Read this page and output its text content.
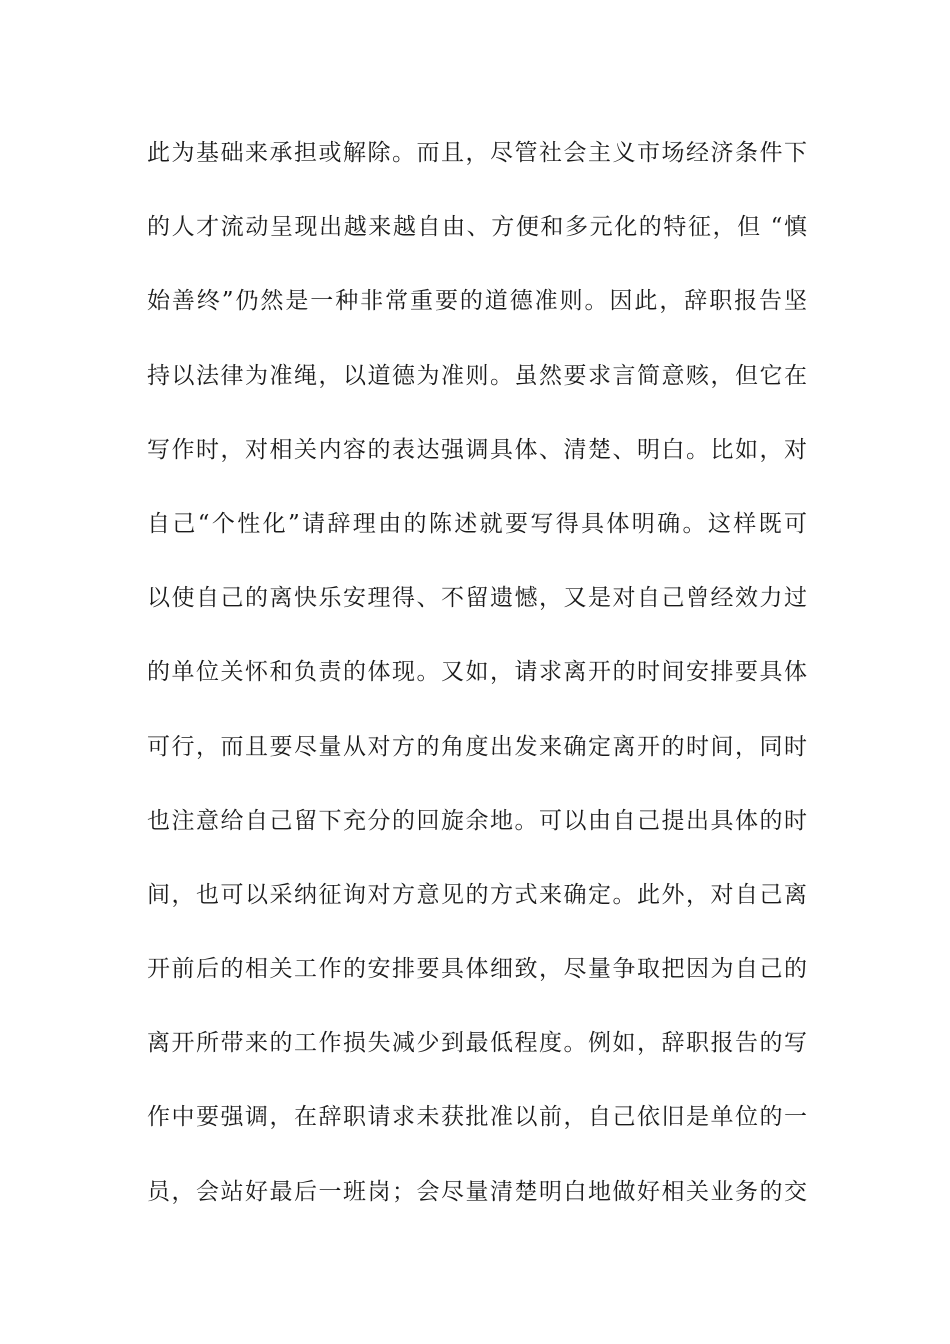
此为基础来承担或解除。而且，尽管社会主义市场经济条件下
的人才流动呈现出越来越自由、方便和多元化的特征，但 “慎
始善终”仍然是一种非常重要的道德准则。因此，辞职报告坚
持以法律为准绳，以道德为准则。虽然要求言简意赅，但它在
写作时，对相关内容的表达强调具体、清楚、明白。比如，对
自己“个性化”请辞理由的陈述就要写得具体明确。这样既可
以使自己的离快乐安理得、不留遗憾，又是对自己曾经效力过
的单位关怀和负责的体现。又如，请求离开的时间安排要具体
可行，而且要尽量从对方的角度出发来确定离开的时间，同时
也注意给自己留下充分的回旋余地。可以由自己提出具体的时
间，也可以采纳征询对方意见的方式来确定。此外，对自己离
开前后的相关工作的安排要具体细致，尽量争取把因为自己的
离开所带来的工作损失减少到最低程度。例如，辞职报告的写
作中要强调，在辞职请求未获批准以前，自己依旧是单位的一
员，会站好最后一班岗；会尽量清楚明白地做好相关业务的交
